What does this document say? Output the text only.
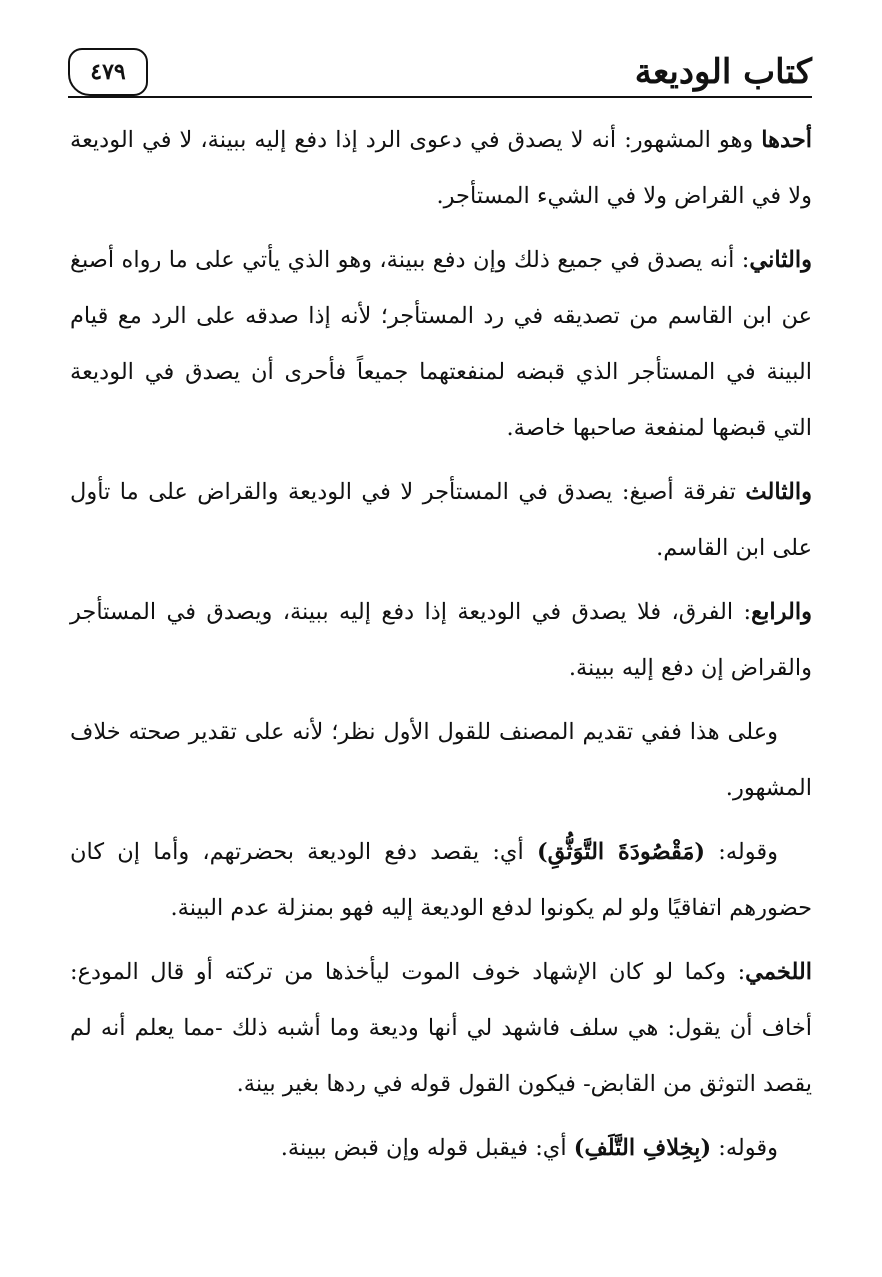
كتاب الوديعة
٤٧٩

أحدها وهو المشهور: أنه لا يصدق في دعوى الرد إذا دفع إليه ببينة، لا في الوديعة ولا في القراض ولا في الشيء المستأجر.

والثاني: أنه يصدق في جميع ذلك وإن دفع ببينة، وهو الذي يأتي على ما رواه أصبغ عن ابن القاسم من تصديقه في رد المستأجر؛ لأنه إذا صدقه على الرد مع قيام البينة في المستأجر الذي قبضه لمنفعتهما جميعاً فأحرى أن يصدق في الوديعة التي قبضها لمنفعة صاحبها خاصة.

والثالث تفرقة أصبغ: يصدق في المستأجر لا في الوديعة والقراض على ما تأول على ابن القاسم.

والرابع: الفرق، فلا يصدق في الوديعة إذا دفع إليه ببينة، ويصدق في المستأجر والقراض إن دفع إليه ببينة.

وعلى هذا ففي تقديم المصنف للقول الأول نظر؛ لأنه على تقدير صحته خلاف المشهور.

وقوله: (مَقْصُودَةَ التَّوَثُّقِ) أي: يقصد دفع الوديعة بحضرتهم، وأما إن كان حضورهم اتفاقيًا ولو لم يكونوا لدفع الوديعة إليه فهو بمنزلة عدم البينة.

اللخمي: وكما لو كان الإشهاد خوف الموت ليأخذها من تركته أو قال المودع: أخاف أن يقول: هي سلف فاشهد لي أنها وديعة وما أشبه ذلك -مما يعلم أنه لم يقصد التوثق من القابض- فيكون القول قوله في ردها بغير بينة.

وقوله: (بِخِلافِ التَّلَفِ) أي: فيقبل قوله وإن قبض ببينة.
